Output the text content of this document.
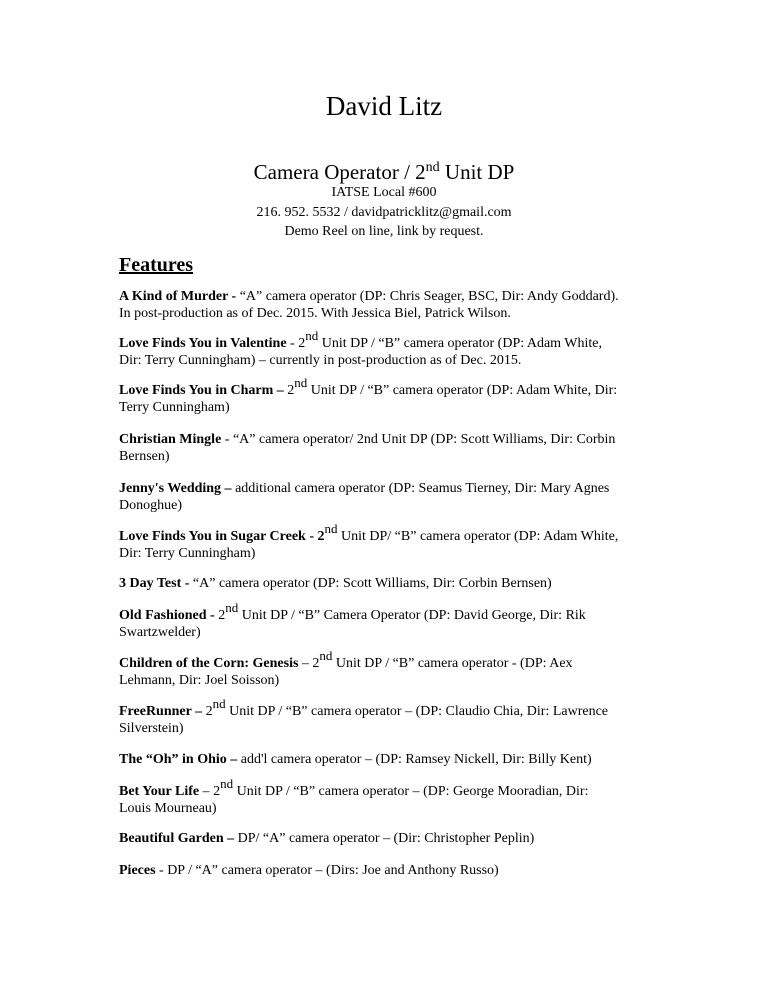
David Litz
Camera Operator / 2nd Unit DP
IATSE Local #600
216. 952. 5532 / davidpatricklitz@gmail.com
Demo Reel on line, link by request.
Features
A Kind of Murder - “A” camera operator (DP: Chris Seager, BSC, Dir: Andy Goddard).
In post-production as of Dec. 2015. With Jessica Biel, Patrick Wilson.
Love Finds You in Valentine - 2nd Unit DP / “B” camera operator (DP: Adam White,
Dir: Terry Cunningham) – currently in post-production as of Dec. 2015.
Love Finds You in Charm – 2nd Unit DP / “B” camera operator (DP: Adam White, Dir:
Terry Cunningham)
Christian Mingle - “A” camera operator/ 2nd Unit DP (DP: Scott Williams, Dir: Corbin
Bernsen)
Jenny's Wedding – additional camera operator (DP: Seamus Tierney, Dir: Mary Agnes
Donoghue)
Love Finds You in Sugar Creek - 2nd Unit DP/ “B” camera operator (DP: Adam White,
Dir: Terry Cunningham)
3 Day Test - “A” camera operator (DP: Scott Williams, Dir: Corbin Bernsen)
Old Fashioned - 2nd Unit DP / “B” Camera Operator (DP: David George, Dir: Rik
Swartzwelder)
Children of the Corn: Genesis – 2nd Unit DP / “B” camera operator - (DP: Aex
Lehmann, Dir: Joel Soisson)
FreeRunner – 2nd Unit DP / “B” camera operator – (DP: Claudio Chia, Dir: Lawrence
Silverstein)
The “Oh” in Ohio – add'l camera operator – (DP: Ramsey Nickell, Dir: Billy Kent)
Bet Your Life – 2nd Unit DP / “B” camera operator – (DP: George Mooradian, Dir:
Louis Mourneau)
Beautiful Garden – DP/ “A” camera operator – (Dir: Christopher Peplin)
Pieces - DP / “A” camera operator – (Dirs: Joe and Anthony Russo)
